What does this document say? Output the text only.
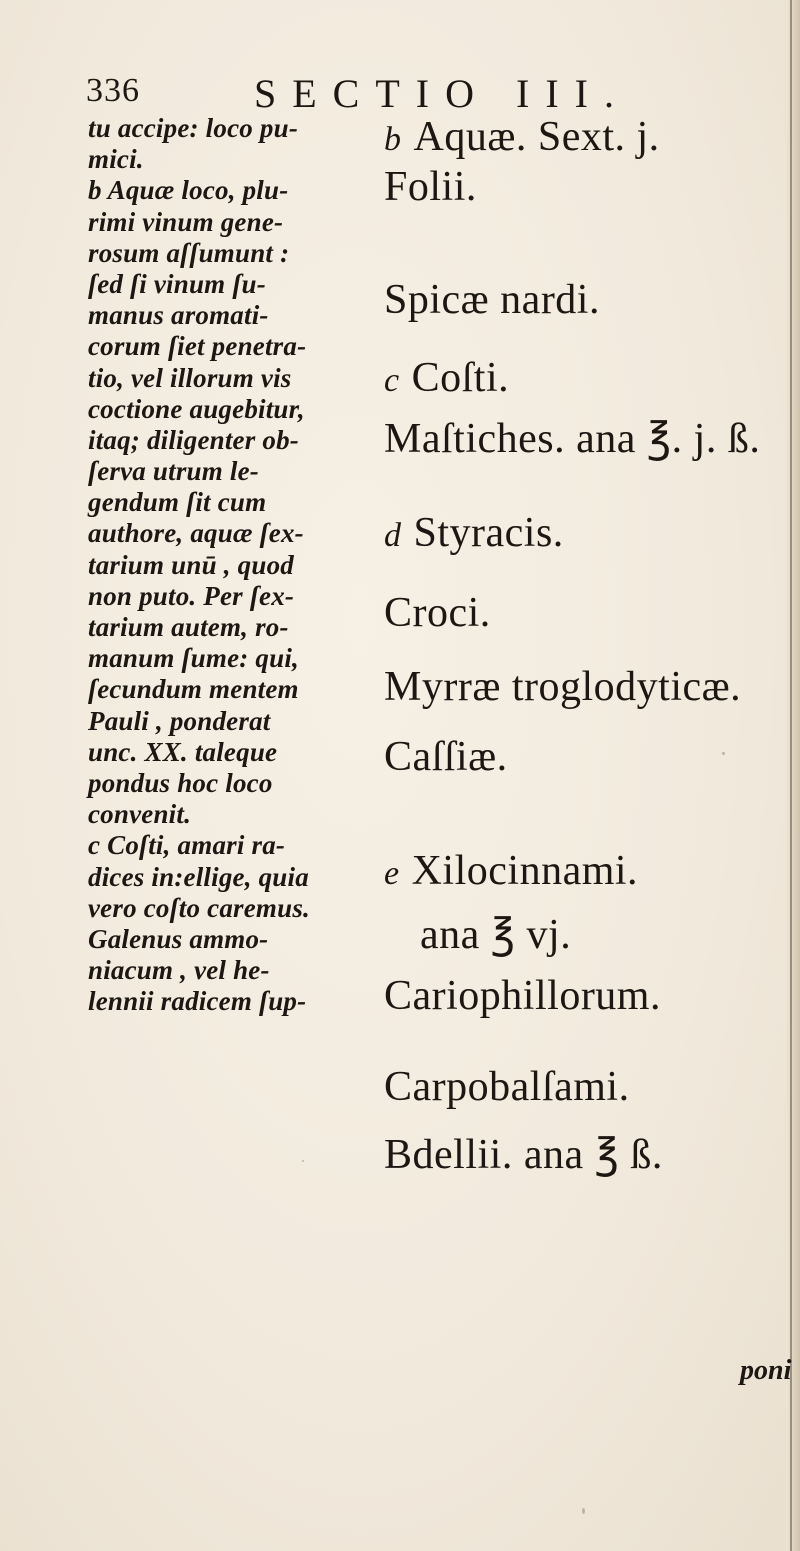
336	SECTIO III.
tu accipe: loco pu-
mici.
b Aquæ loco, plu-
rimi vinum gene-
rosum aſſumunt :
ſed ſi vinum ſu-
manus aromati-
corum ſiet penetra-
tio, vel illorum vis
coctione augebitur,
itaq; diligenter ob-
ſerva utrum le-
gendum ſit cum
authore, aquæ ſex-
tarium unū , quod
non puto. Per ſex-
tarium autem, ro-
manum ſume: qui,
ſecundum mentem
Pauli , ponderat
unc. XX. taleque
pondus hoc loco
convenit.
c Coſti, amari ra-
dices in:ellige, quia
vero coſto caremus.
Galenus ammo-
niacum , vel he-
lennii radicem ſup-
b Aquæ. Sext. j.
Folii.
Spicæ nardi.
c Coſti.
Maſtiches. ana ℥. j. ß.
d Styracis.
Croci.
Myrræ troglodyticæ.
Caſſiæ.
e Xilocinnami.
ana ℥ vj.
Cariophillorum.
Carpobalſami.
Bdellii. ana ℥ ß.
poni
